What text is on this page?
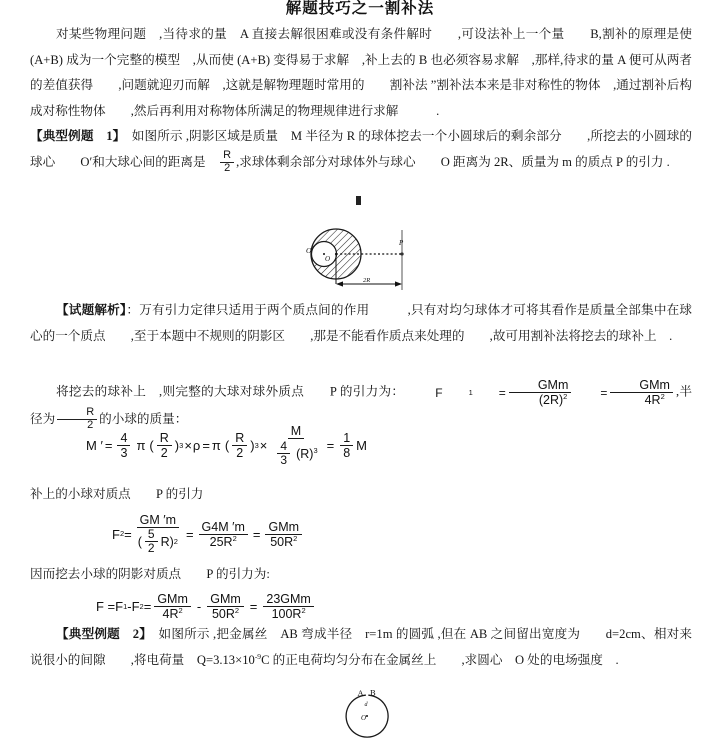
解题技巧之一割补法
对某些物理问题　,当待求的量　A 直接去解很困难或没有条件解时　　,可设法补上一个量　　B,割补的原理是使 (A+B) 成为一个完整的模型　,从而使 (A+B) 变得易于求解　,补上去的 B 也必须容易求解　,那样,待求的量 A 便可从两者的差值获得　　,问题就迎刃而解　,这就是解物理题时常用的　　割补法 ”割补法本来是非对称性的物体　,通过割补后构成对称性物体　　,然后再利用对称物体所满足的物理规律进行求解　　　.
【典型例题　1】　如图所示 ,阴影区域是质量　M 半径为 R 的球体挖去一个小圆球后的剩余部分　　,所挖去的小圆球的球心　　O′和大球心间的距离是　 $\frac{R}{2}$ ,求球体剩余部分对球体外与球心　　O 距离为 2R、质量为 m 的质点 P 的引力 .
O′
O
P
2R
【试题解析】：万有引力定律只适用于两个质点间的作用　　　,只有对均匀球体才可将其看作是质量全部集中在球心的一个质点　　,至于本题中不规则的阴影区　　,那是不能看作质点来处理的　　,故可用割补法将挖去的球补上　.
将挖去的球补上　,则完整的大球对球外质点　　P 的引力为：	F	1	=
GMm
$(2R)^2$	=
GMm
$4R^2$ ,半径为 $\frac{R}{2}$ 的小球的质量：
M ′ = $\frac{4}{3}$ π ( $\frac{R}{2}$ ) 3 × ρ = π ( $\frac{R}{2}$ ) $3 \times \frac{M}{\frac{4}{3} (R)^3} = \frac{1}{8}$ M
补上的小球对质点　　P 的引力
F 2 =
GM ′m
( $\frac{5}{2} R$) $2 = \frac{G4M 'm}{25R^2}$ = GMm
$50R^2$
因而挖去小球的阴影对质点　　P 的引力为:
F =F 1 -F 2 = GMm
$4R^2$ - GMm
$50R^2 = 23GMm$
$100R^2$
【典型例题　2】　如图所示 ,把金属丝　AB 弯成半径　r=1m 的圆弧 ,但在 AB 之间留出宽度为　　d=2cm、相对来说很小的间隙　　,将电荷量　$Q=3.13\times 10^{-9}C$ 的正电荷均匀分布在金属丝上　　,求圆心　O 处的电场强度　.
A B
d
O
